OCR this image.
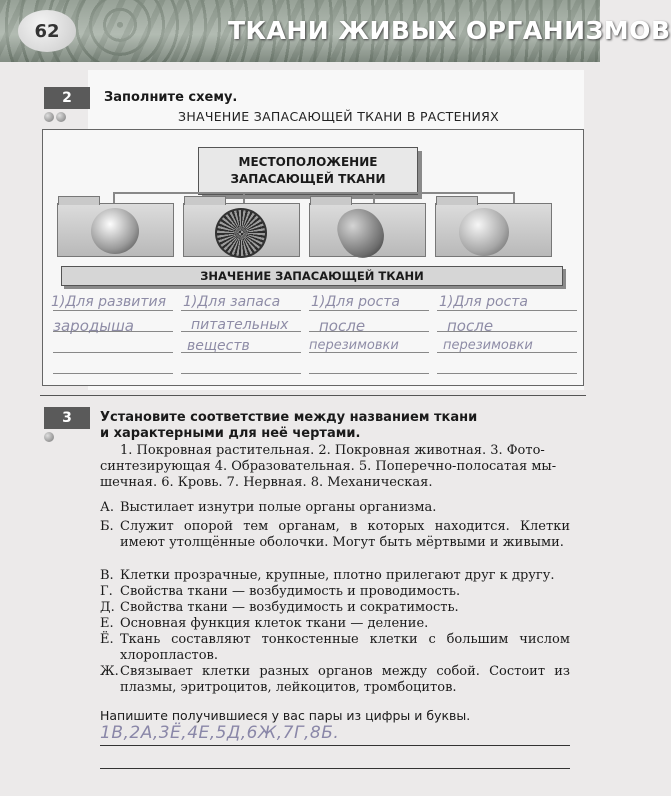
62	ТКАНИ ЖИВЫХ ОРГАНИЗМОВ
2	Заполните схему.
ЗНАЧЕНИЕ ЗАПАСАЮЩЕЙ ТКАНИ В РАСТЕНИЯХ
МЕСТОПОЛОЖЕНИЕ
ЗАПАСАЮЩЕЙ ТКАНИ
ЗНАЧЕНИЕ ЗАПАСАЮЩЕЙ ТКАНИ
1)Для развития
зародыша
1)Для запаса
питательных
веществ
1)Для роста
после
перезимовки
1)Для роста
после
перезимовки
3	Установите соответствие между названием ткани
и характерными для неё чертами.
1. Покровная растительная. 2. Покровная животная. 3. Фото-
синтезирующая 4. Образовательная. 5. Поперечно-полосатая мы-
шечная. 6. Кровь. 7. Нервная. 8. Механическая.
А. Выстилает изнутри полые органы организма.
Б. Служит опорой тем органам, в которых находится. Клетки имеют утолщённые оболочки. Могут быть мёртвыми и живыми.
В. Клетки прозрачные, крупные, плотно прилегают друг к другу.
Г. Свойства ткани — возбудимость и проводимость.
Д. Свойства ткани — возбудимость и сократимость.
Е. Основная функция клеток ткани — деление.
Ё. Ткань составляют тонкостенные клетки с большим числом хлоропластов.
Ж. Связывает клетки разных органов между собой. Состоит из плазмы, эритроцитов, лейкоцитов, тромбоцитов.
Напишите получившиеся у вас пары из цифры и буквы.
1В,2А,3Ё,4Е,5Д,6Ж,7Г,8Б.
